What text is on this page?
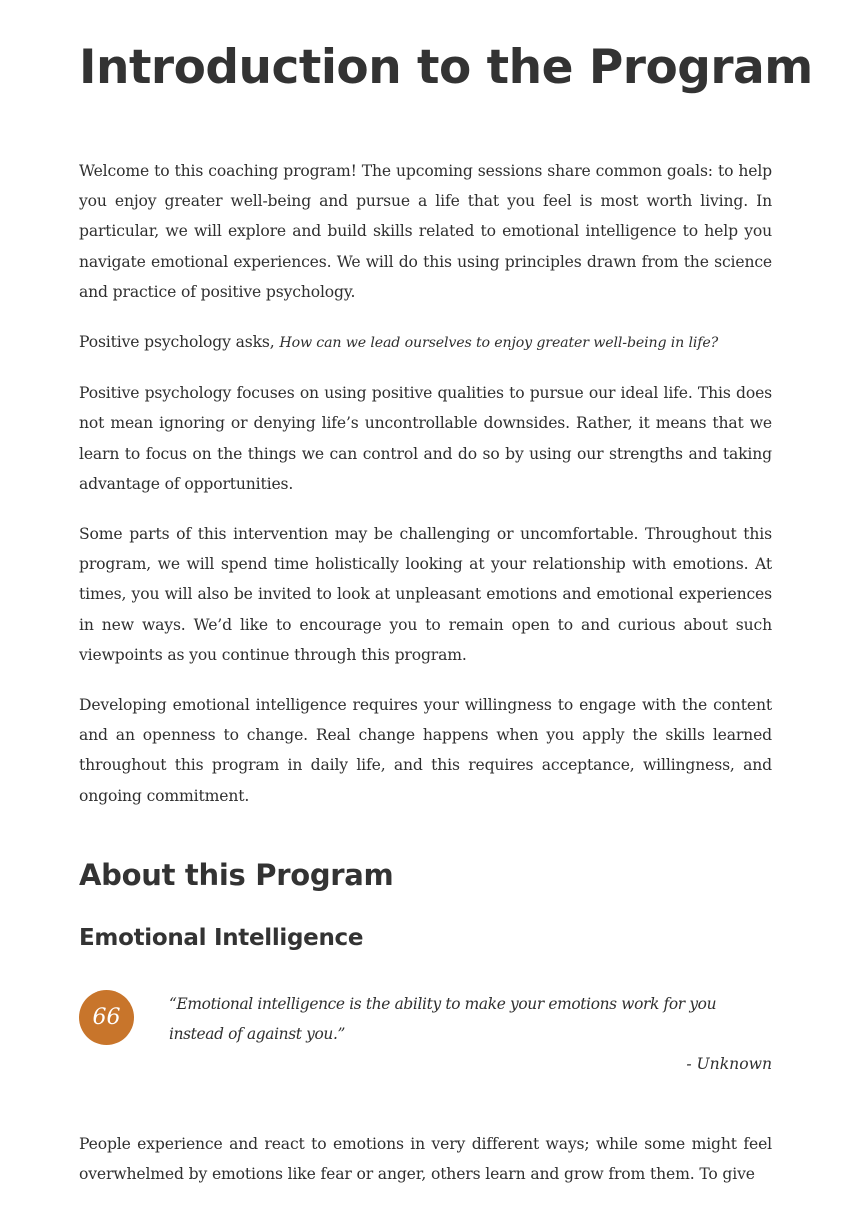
Introduction to the Program

Welcome to this coaching program! The upcoming sessions share common goals: to help you enjoy greater well-being and pursue a life that you feel is most worth living. In particular, we will explore and build skills related to emotional intelligence to help you navigate emotional experiences. We will do this using principles drawn from the science and practice of positive psychology.

Positive psychology asks, How can we lead ourselves to enjoy greater well-being in life?

Positive psychology focuses on using positive qualities to pursue our ideal life. This does not mean ignoring or denying life’s uncontrollable downsides. Rather, it means that we learn to focus on the things we can control and do so by using our strengths and taking advantage of opportunities.

Some parts of this intervention may be challenging or uncomfortable. Throughout this program, we will spend time holistically looking at your relationship with emotions. At times, you will also be invited to look at unpleasant emotions and emotional experiences in new ways. We’d like to encourage you to remain open to and curious about such viewpoints as you continue through this program.

Developing emotional intelligence requires your willingness to engage with the content and an openness to change. Real change happens when you apply the skills learned throughout this program in daily life, and this requires acceptance, willingness, and ongoing commitment.

About this Program
Emotional Intelligence
66

“Emotional intelligence is the ability to make your emotions work for you instead of against you.”

- Unknown

People experience and react to emotions in very different ways; while some might feel overwhelmed by emotions like fear or anger, others learn and grow from them. To give
